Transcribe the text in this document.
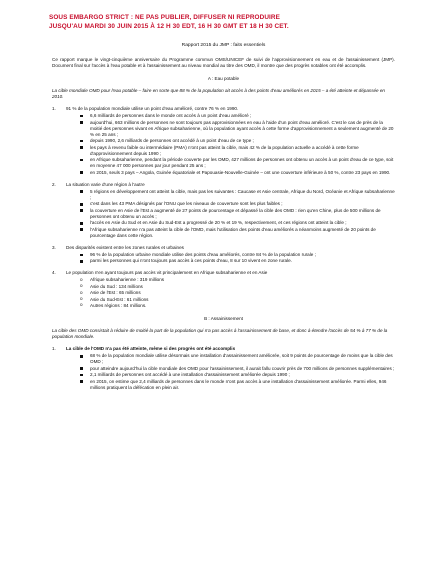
SOUS EMBARGO STRICT : NE PAS PUBLIER, DIFFUSER NI REPRODUIRE
JUSQU'AU MARDI 30 JUIN 2015 À 12 H 30 EDT, 16 H 30 GMT ET 18 H 30 CET.
Rapport 2015 du JMP : faits essentiels
Ce rapport marque le vingt-cinquième anniversaire du Programme commun OMS/UNICEF de suivi de l'approvisionnement en eau et de l'assainissement (JMP). Document final sur l'accès à l'eau potable et à l'assainissement au niveau mondial au titre des OMD, il montre que des progrès notables ont été accomplis.
A : Eau potable
La cible mondiale OMD pour l'eau potable – faire en sorte que 88 % de la population ait accès à des points d'eau améliorés en 2015 – a été atteinte et dépassée en 2010.
1. 91 % de la population mondiale utilise un point d'eau amélioré, contre 76 % en 1990.
6,6 milliards de personnes dans le monde ont accès à un point d'eau amélioré ;
aujourd'hui, 663 millions de personnes ne sont toujours pas approvisionnées en eau à l'aide d'un point d'eau amélioré. C'est le cas de près de la moitié des personnes vivant en Afrique subsaharienne, où la population ayant accès à cette forme d'approvisionnement a seulement augmenté de 20 % en 25 ans ;
depuis 1990, 2,6 milliards de personnes ont accédé à un point d'eau de ce type ;
les pays à revenu faible ou intermédiaire (PMA) n'ont pas atteint la cible, mais 42 % de la population actuelle a accédé à cette forme d'approvisionnement depuis 1990 ;
en Afrique subsaharienne, pendant la période couverte par les OMD, 427 millions de personnes ont obtenu un accès à un point d'eau de ce type, soit en moyenne 47 000 personnes par jour pendant 25 ans ;
en 2015, seuls 3 pays – Angola, Guinée équatoriale et Papouasie-Nouvelle-Guinée – ont une couverture inférieure à 50 %, contre 23 pays en 1990.
2. La situation varie d'une région à l'autre
5 régions en développement ont atteint la cible, mais pas les suivantes : Caucase et Asie centrale, Afrique du Nord, Océanie et Afrique subsaharienne ;
c'est dans les 43 PMA désignés par l'ONU que les niveaux de couverture sont les plus faibles ;
la couverture en Asie de l'Est a augmenté de 27 points de pourcentage et dépassé la cible des OMD : rien qu'en Chine, plus de 500 millions de personnes ont obtenu un accès ;
l'accès en Asie du Sud et en Asie du Sud-Est a progressé de 20 % et 19 %, respectivement, et ces régions ont atteint la cible ;
l'Afrique subsaharienne n'a pas atteint la cible de l'OMD, mais l'utilisation des points d'eau améliorés a néanmoins augmenté de 20 points de pourcentage dans cette région.
3. Des disparités existent entre les zones rurales et urbaines
96 % de la population urbaine mondiale utilise des points d'eau améliorés, contre 84 % de la population rurale ;
parmi les personnes qui n'ont toujours pas accès à ces points d'eau, 8 sur 10 vivent en zone rurale.
4. Le population n'en ayant toujours pas accès vit principalement en Afrique subsaharienne et en Asie
o Afrique subsaharienne : 319 millions
o Asie du Sud : 134 millions
o Asie de l'Est : 65 millions
o Asie du Sud-Est : 61 millions
o Autres régions : 84 millions.
B : Assainissement
La cible des OMD consistait à réduire de moitié la part de la population qui n'a pas accès à l'assainissement de base, et donc à étendre l'accès de 54 % à 77 % de la population mondiale.
1. La cible de l'OMD n'a pas été atteinte, même si des progrès ont été accomplis
68 % de la population mondiale utilise désormais une installation d'assainissement améliorée, soit 9 points de pourcentage de moins que la cible des OMD ;
pour atteindre aujourd'hui la cible mondiale des OMD pour l'assainissement, il aurait fallu couvrir près de 700 millions de personnes supplémentaires ;
2,1 milliards de personnes ont accédé à une installation d'assainissement améliorée depuis 1990 ;
en 2015, on estime que 2,4 milliards de personnes dans le monde n'ont pas accès à une installation d'assainissement améliorée. Parmi elles, 946 millions pratiquent la défécation en plein air.
